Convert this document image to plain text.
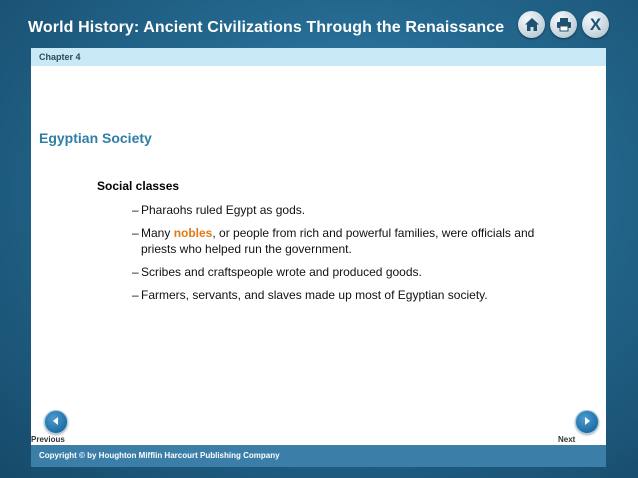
World History: Ancient Civilizations Through the Renaissance	X
Chapter 4
Egyptian Society
Social classes
– Pharaohs ruled Egypt as gods.
– Many nobles, or people from rich and powerful families, were officials and priests who helped run the government.
– Scribes and craftspeople wrote and produced goods.
– Farmers, servants, and slaves made up most of Egyptian society.
Previous	Next
Copyright © by Houghton Mifflin Harcourt Publishing Company
